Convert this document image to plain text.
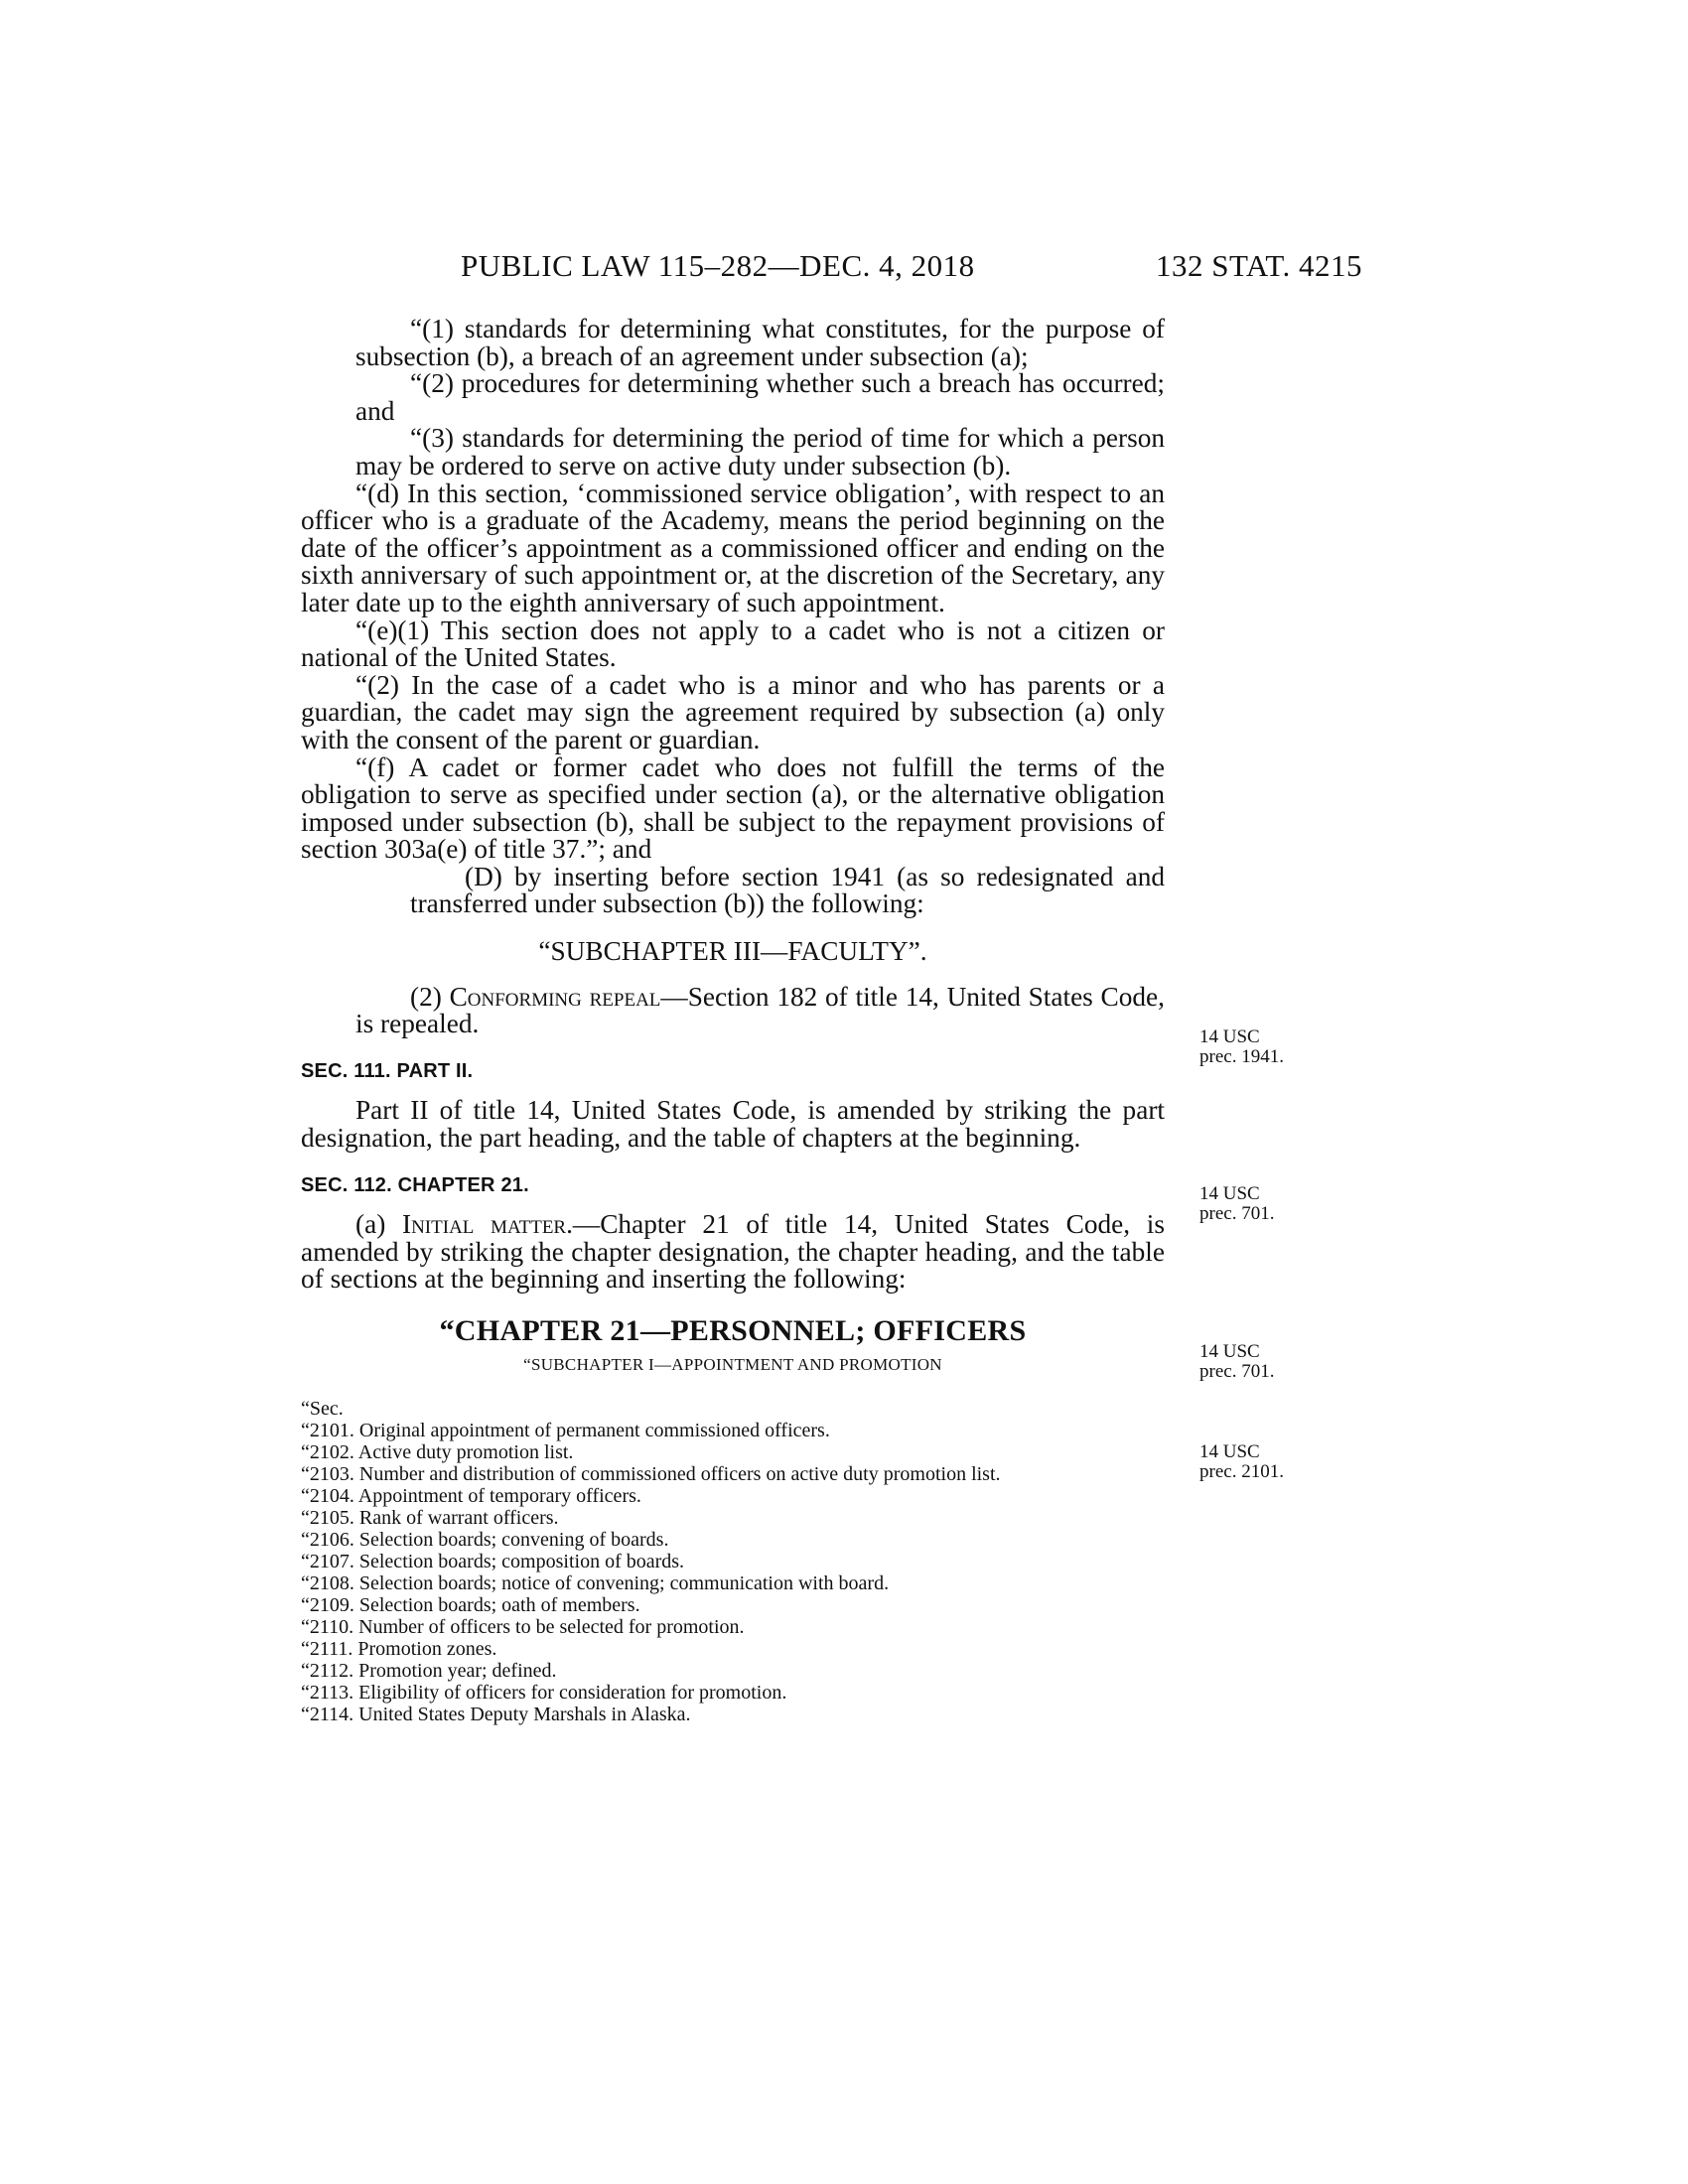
PUBLIC LAW 115–282—DEC. 4, 2018	132 STAT. 4215

“(1) standards for determining what constitutes, for the purpose of subsection (b), a breach of an agreement under subsection (a);

“(2) procedures for determining whether such a breach has occurred; and

“(3) standards for determining the period of time for which a person may be ordered to serve on active duty under subsection (b).

“(d) In this section, ‘commissioned service obligation’, with respect to an officer who is a graduate of the Academy, means the period beginning on the date of the officer’s appointment as a commissioned officer and ending on the sixth anniversary of such appointment or, at the discretion of the Secretary, any later date up to the eighth anniversary of such appointment.

“(e)(1) This section does not apply to a cadet who is not a citizen or national of the United States.

“(2) In the case of a cadet who is a minor and who has parents or a guardian, the cadet may sign the agreement required by subsection (a) only with the consent of the parent or guardian.

“(f) A cadet or former cadet who does not fulfill the terms of the obligation to serve as specified under section (a), or the alternative obligation imposed under subsection (b), shall be subject to the repayment provisions of section 303a(e) of title 37.”; and

(D) by inserting before section 1941 (as so redesignated and transferred under subsection (b)) the following:

“SUBCHAPTER III—FACULTY”.

(2) Conforming repeal—Section 182 of title 14, United States Code, is repealed.

SEC. 111. PART II.

Part II of title 14, United States Code, is amended by striking the part designation, the part heading, and the table of chapters at the beginning.

SEC. 112. CHAPTER 21.

(a) Initial matter.—Chapter 21 of title 14, United States Code, is amended by striking the chapter designation, the chapter heading, and the table of sections at the beginning and inserting the following:

“CHAPTER 21—PERSONNEL; OFFICERS

“SUBCHAPTER I—APPOINTMENT AND PROMOTION

“Sec.

“2101. Original appointment of permanent commissioned officers.

“2102. Active duty promotion list.

“2103. Number and distribution of commissioned officers on active duty promotion list.

“2104. Appointment of temporary officers.

“2105. Rank of warrant officers.

“2106. Selection boards; convening of boards.

“2107. Selection boards; composition of boards.

“2108. Selection boards; notice of convening; communication with board.

“2109. Selection boards; oath of members.

“2110. Number of officers to be selected for promotion.

“2111. Promotion zones.

“2112. Promotion year; defined.

“2113. Eligibility of officers for consideration for promotion.

“2114. United States Deputy Marshals in Alaska.

14 USC
prec. 1941.
14 USC
prec. 701.
14 USC
prec. 701.
14 USC
prec. 2101.
